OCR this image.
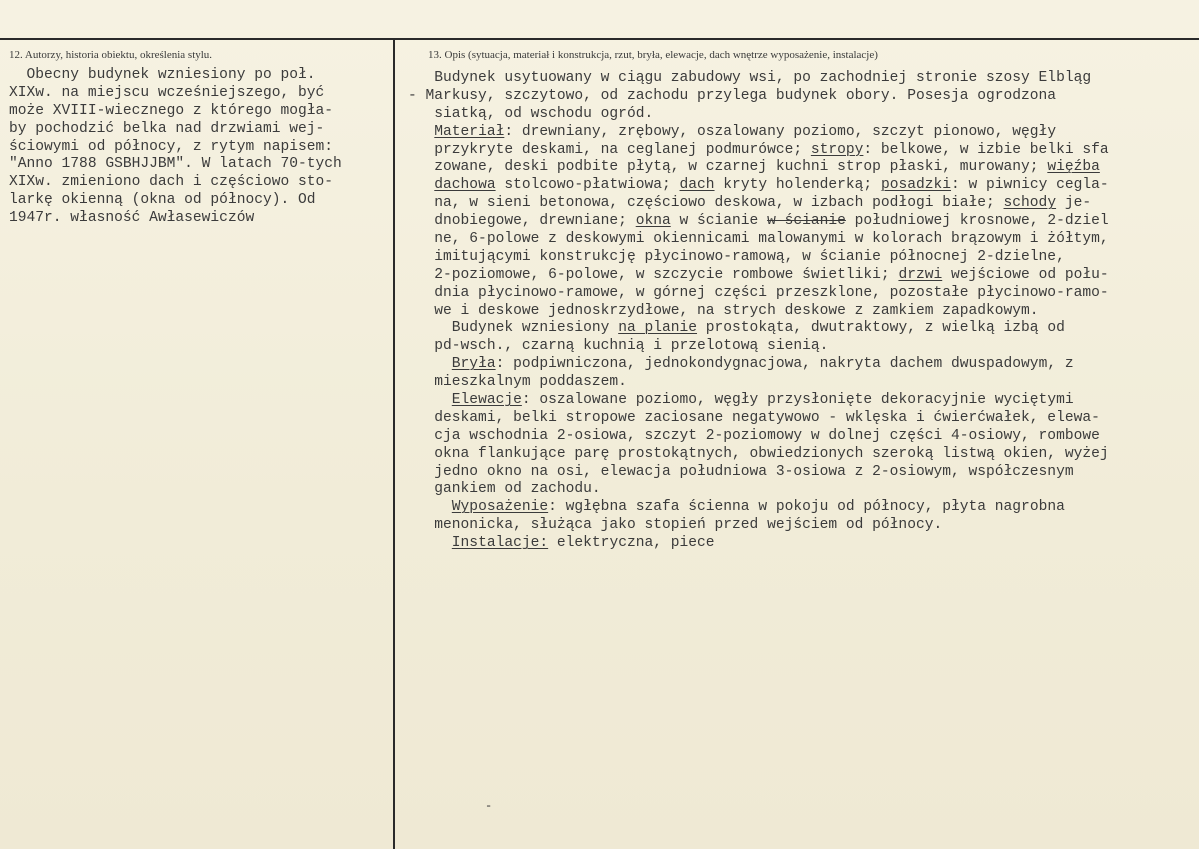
12. Autorzy, historia obiektu, określenia stylu.	13. Opis (sytuacja, materiał i konstrukcja, rzut, bryła, elewacje, dach wnętrze wyposażenie, instalacje)
Obecny budynek wzniesiony po poł.
XIXw. na miejscu wcześniejszego, być
może XVIII-wiecznego z którego mogła-
by pochodzić belka nad drzwiami wej-
ściowymi od północy, z rytym napisem:
"Anno 1788 GSBHJJBM". W latach 70-tych
XIXw. zmieniono dach i częściowo sto-
larkę okienną (okna od północy). Od
1947r. własność Awłasewiczów
Budynek usytuowany w ciągu zabudowy wsi, po zachodniej stronie szosy Elbląg
- Markusy, szczytowo, od zachodu przylega budynek obory. Posesja ogrodzona
siatką, od wschodu ogród.
Materiał: drewniany, zrębowy, oszalowany poziomo, szczyt pionowo, węgły
przykryte deskami, na ceglanej podmurówce; stropy: belkowe, w izbie belki sfa
zowane, deski podbite płytą, w czarnej kuchni strop płaski, murowany; więźba
dachowa stolcowo-płatwiowa; dach kryty holenderką; posadzki: w piwnicy cegla-
na, w sieni betonowa, częściowo deskowa, w izbach podłogi białe; schody je-
dnobiegowe, drewniane; okna w ścianie w ścianie południowej krosnowe, 2-dziel
ne, 6-polowe z deskowymi okiennicami malowanymi w kolorach brązowym i żółtym,
imitującymi konstrukcję płycinowo-ramową, w ścianie północnej 2-dzielne,
2-poziomowe, 6-polowe, w szczycie rombowe świetliki; drzwi wejściowe od połu-
dnia płycinowo-ramowe, w górnej części przeszklone, pozostałe płycinowo-ramo-
we i deskowe jednoskrzydłowe, na strych deskowe z zamkiem zapadkowym.
Budynek wzniesiony na planie prostokąta, dwutraktowy, z wielką izbą od
pd-wsch., czarną kuchnią i przelotową sienią.
Bryła: podpiwniczona, jednokondygnacjowa, nakryta dachem dwuspadowym, z
mieszkalnym poddaszem.
Elewacje: oszalowane poziomo, węgły przysłonięte dekoracyjnie wyciętymi
deskami, belki stropowe zaciosane negatywowo - wklęska i ćwierćwałek, elewa-
cja wschodnia 2-osiowa, szczyt 2-poziomowy w dolnej części 4-osiowy, rombowe
okna flankujące parę prostokątnych, obwiedzionych szeroką listwą okien, wyżej
jedno okno na osi, elewacja południowa 3-osiowa z 2-osiowym, współczesnym
gankiem od zachodu.
Wyposażenie: wgłębna szafa ścienna w pokoju od północy, płyta nagrobna
menonicka, służąca jako stopień przed wejściem od północy.
Instalacje: elektryczna, piece
-
